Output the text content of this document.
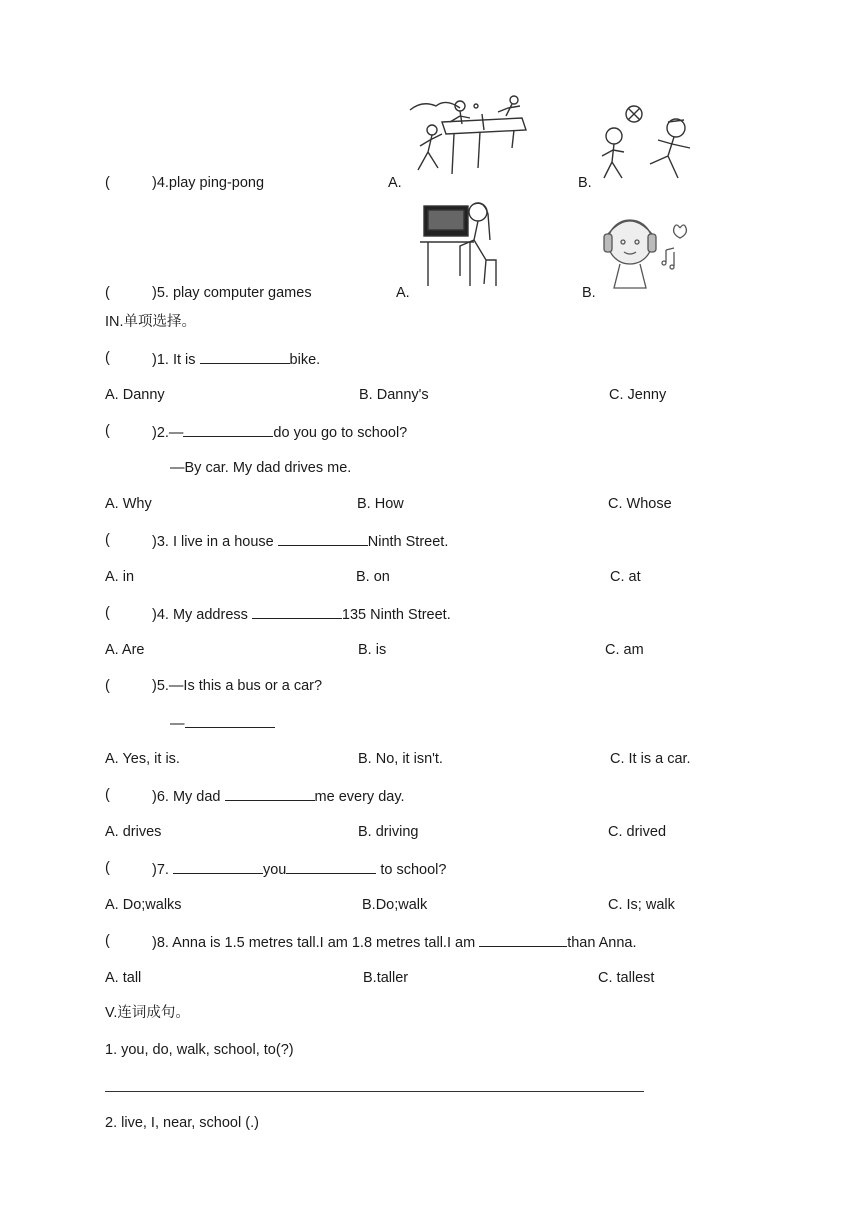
(	)4.play ping-pong	A.	B.
(	)5. play computer games	A.	B.
IN.单项选择。
(	)1. It is	bike.
A. Danny	B. Danny's	C. Jenny
(	)2.—	do you go to school?
—By car. My dad drives me.
A. Why	B. How	C. Whose
(	)3. I live in a house	Ninth Street.
A. in	B. on	C. at
(	)4. My address	135 Ninth Street.
A. Are	B. is	C. am
(	)5.—Is this a bus or a car?
—
A. Yes, it is.	B. No, it isn't.	C. It is a car.
(	)6. My dad	me every day.
A. drives	B. driving	C. drived
(	)7.	you	to school?
A. Do;walks	B.Do;walk	C. Is; walk
(	)8. Anna is 1.5 metres tall.I am 1.8 metres tall.I am	than Anna.
A. tall	B.taller	C. tallest
V.连词成句。
1. you, do, walk, school, to(?)
2. live, I, near, school (.)
